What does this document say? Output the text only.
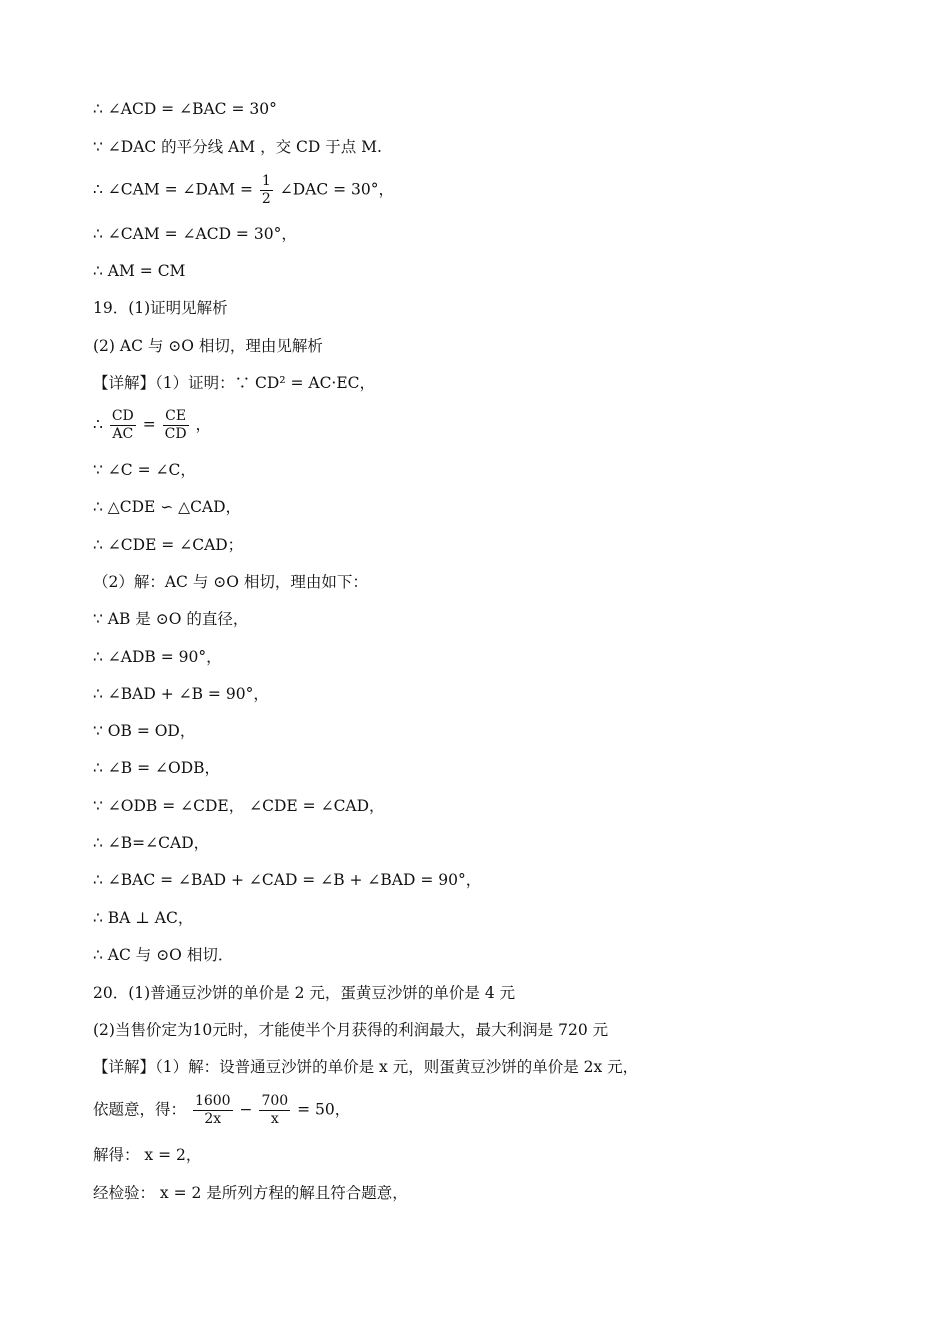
∴ ∠ACD = ∠BAC = 30°
∵ ∠DAC 的平分线 AM ，交 CD 于点 M.
∴ ∠CAM = ∠DAM = $\frac{1}{2}$ ∠DAC = 30°，
∴ ∠CAM = ∠ACD = 30°，
∴ AM = CM
19．(1)证明见解析
(2) AC 与 ⊙O 相切，理由见解析
【详解】（1）证明：∵ CD² = AC·EC，
∴ $\frac{CD}{AC} = \frac{CE}{CD}$ ，
∵ ∠C = ∠C，
∴ △CDE ∽ △CAD，
∴ ∠CDE = ∠CAD；
（2）解：AC 与 ⊙O 相切，理由如下：
∵ AB 是 ⊙O 的直径，
∴ ∠ADB = 90°，
∴ ∠BAD + ∠B = 90°，
∵ OB = OD，
∴ ∠B = ∠ODB，
∵ ∠ODB = ∠CDE， ∠CDE = ∠CAD，
∴ ∠B=∠CAD，
∴ ∠BAC = ∠BAD + ∠CAD = ∠B + ∠BAD = 90°，
∴ BA ⊥ AC，
∴ AC 与 ⊙O 相切．
20．(1)普通豆沙饼的单价是 2 元，蛋黄豆沙饼的单价是 4 元
(2)当售价定为10元时，才能使半个月获得的利润最大，最大利润是 720 元
【详解】（1）解：设普通豆沙饼的单价是 x 元，则蛋黄豆沙饼的单价是 2x 元，
依题意，得： $\frac{1600}{2x} - \frac{700}{x} = 50$，
解得： x = 2，
经检验： x = 2 是所列方程的解且符合题意，
